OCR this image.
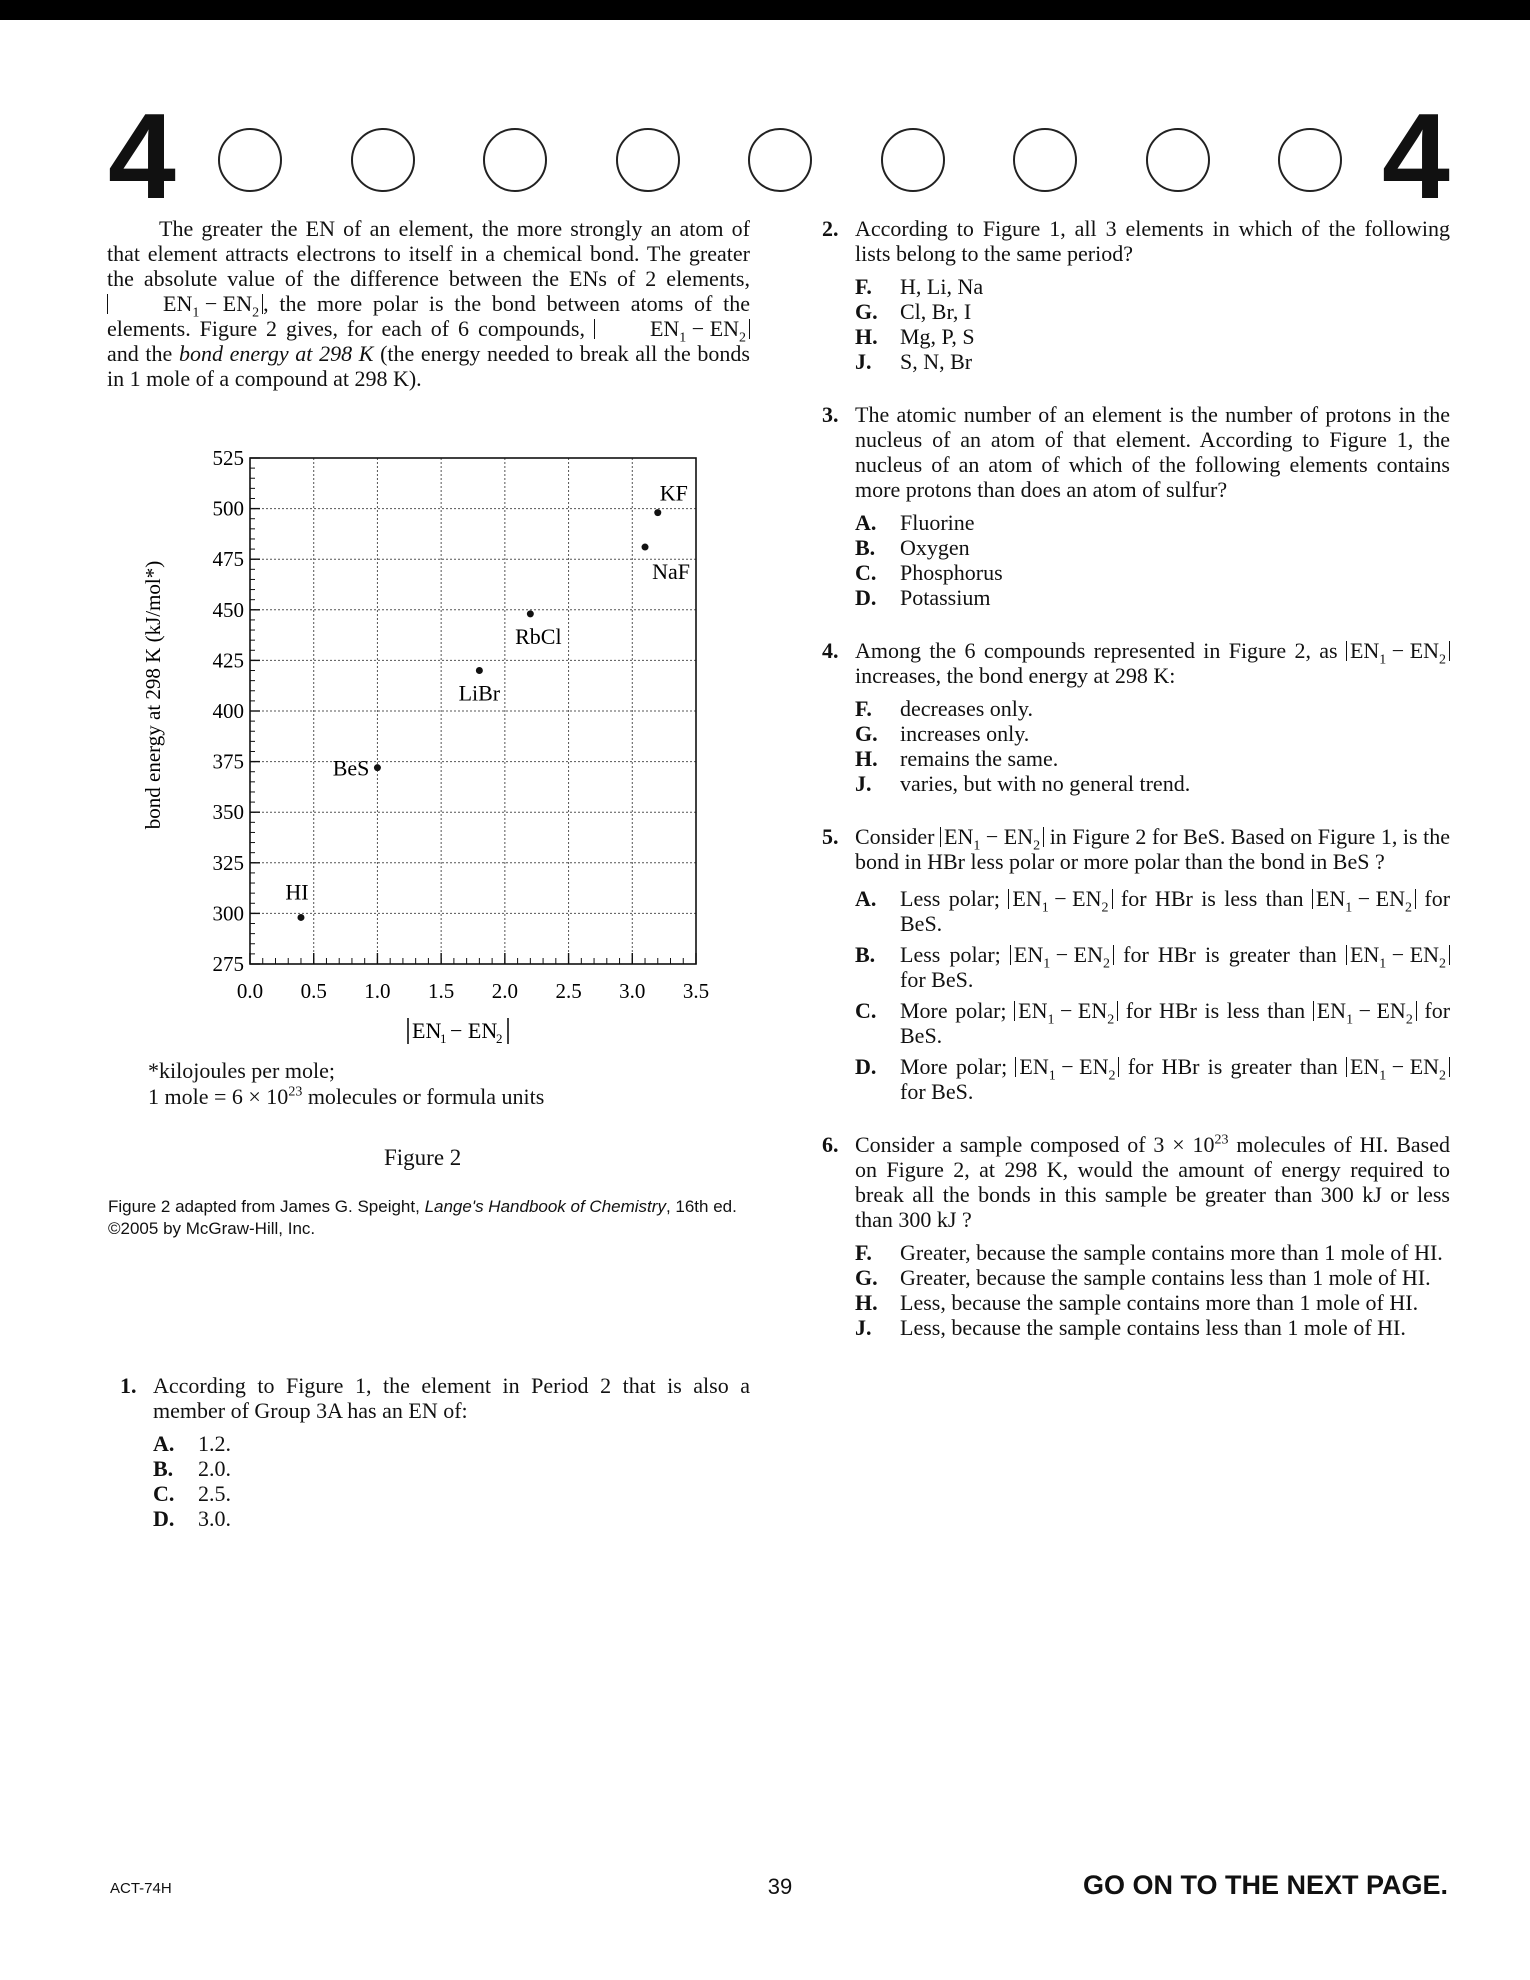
4	4
The greater the EN of an element, the more strongly an atom of that element attracts electrons to itself in a chemical bond. The greater the absolute value of the difference between the ENs of 2 elements, $EN_1 - EN_2$ , the more polar is the bond between atoms of the elements. Figure 2 gives, for each of 6 compounds,	$EN_1 - EN_2$ and the bond energy at 298 K (the energy needed to break all the bonds in 1 mole of a compound at 298 K).
275
300
325
350
375
400
425
450
475
500
525
0.0 0.5 1.0 1.5 2.0 2.5 3.0 3.5
HI
BeS
LiBr
RbCl
NaF
KF
bond energy at 298 K (kJ/mol*)
EN
1 − EN
2
*kilojoules per mole;
1 mole = $6 \times 10^{23}$ molecules or formula units
Figure 2
Figure 2 adapted from James G. Speight, Lange's Handbook of Chemistry, 16th ed. ©2005 by McGraw-Hill, Inc.
1. According to Figure 1, the element in Period 2 that is also a member of Group 3A has an EN of:
A. 1.2.
B. 2.0.
C. 2.5.
D. 3.0.
2. According to Figure 1, all 3 elements in which of the following lists belong to the same period?
F. H, Li, Na
G. Cl, Br, I
H. Mg, P, S
J. S, N, Br
3. The atomic number of an element is the number of protons in the nucleus of an atom of that element. According to Figure 1, the nucleus of an atom of which of the following elements contains more protons than does an atom of sulfur?
A. Fluorine
B. Oxygen
C. Phosphorus
D. Potassium
4. Among the 6 compounds represented in Figure 2, as $EN_1 - EN_2$ increases, the bond energy at 298 K:
F. decreases only.
G. increases only.
H. remains the same.
J. varies, but with no general trend.
5. Consider $EN_1 - EN_2$ in Figure 2 for BeS. Based on Figure 1, is the bond in HBr less polar or more polar than the bond in BeS ?
A. Less polar; $EN_1 - EN_2$ for HBr is less than $EN_1 - EN_2$ for BeS.
B. Less polar; $EN_1 - EN_2$ for HBr is greater than $EN_1 - EN_2$ for BeS.
C. More polar; $EN_1 - EN_2$ for HBr is less than $EN_1 - EN_2$ for BeS.
D. More polar; $EN_1 - EN_2$ for HBr is greater than $EN_1 - EN_2$ for BeS.
6. Consider a sample composed of $3 \times 10^{23}$ molecules of HI. Based on Figure 2, at 298 K, would the amount of energy required to break all the bonds in this sample be greater than 300 kJ or less than 300 kJ ?
F. Greater, because the sample contains more than 1 mole of HI.
G. Greater, because the sample contains less than 1 mole of HI.
H. Less, because the sample contains more than 1 mole of HI.
J. Less, because the sample contains less than 1 mole of HI.
ACT-74H	39	GO ON TO THE NEXT PAGE.
